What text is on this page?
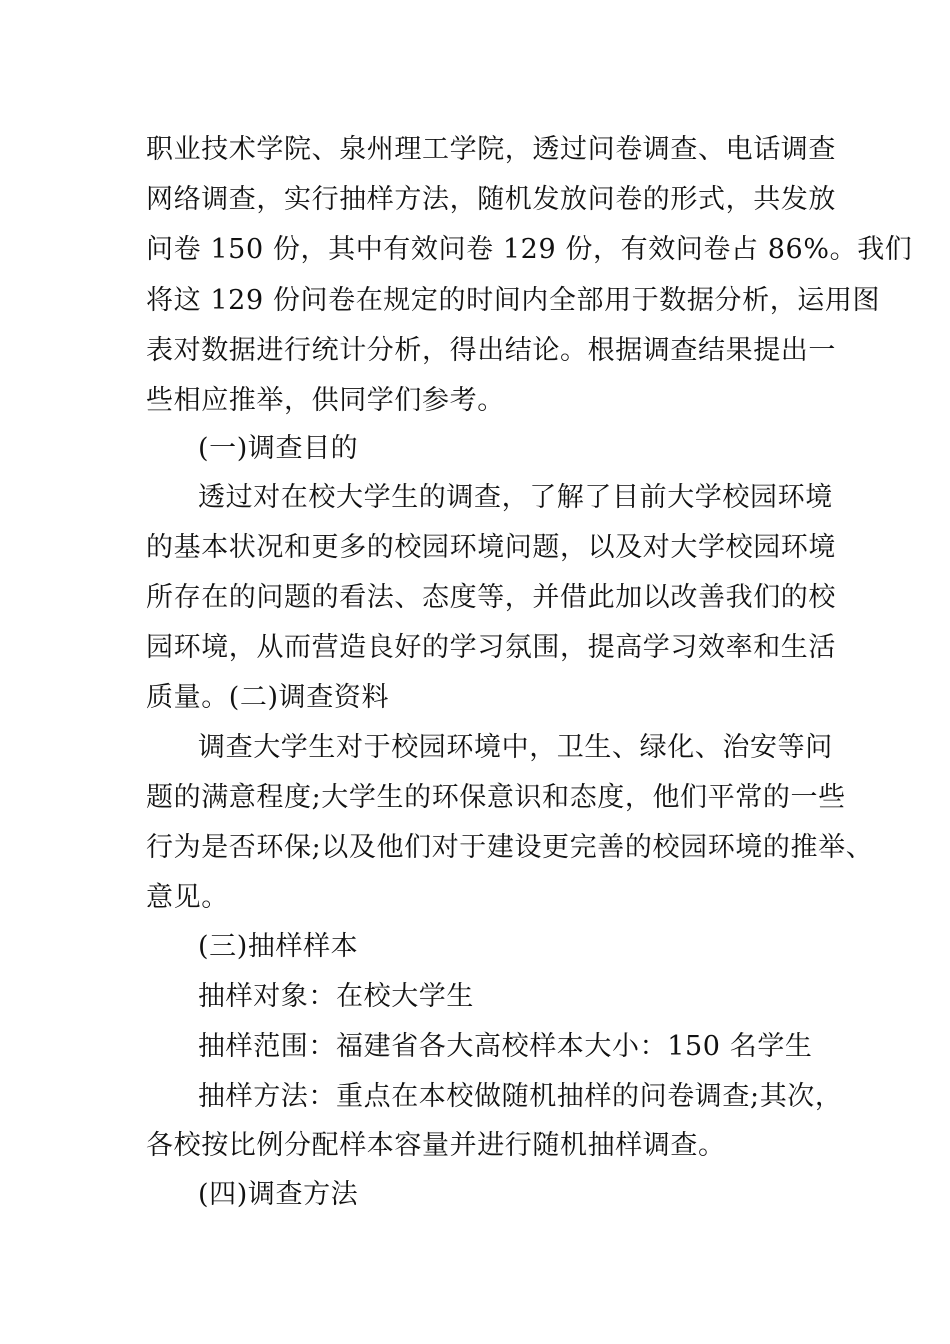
职业技术学院、泉州理工学院，透过问卷调查、电话调查
网络调查，实行抽样方法，随机发放问卷的形式，共发放
问卷 150 份，其中有效问卷 129 份，有效问卷占 86%。我们
将这 129 份问卷在规定的时间内全部用于数据分析，运用图
表对数据进行统计分析，得出结论。根据调查结果提出一
些相应推举，供同学们参考。
(一)调查目的
透过对在校大学生的调查，了解了目前大学校园环境
的基本状况和更多的校园环境问题，以及对大学校园环境
所存在的问题的看法、态度等，并借此加以改善我们的校
园环境，从而营造良好的学习氛围，提高学习效率和生活
质量。(二)调查资料
调查大学生对于校园环境中，卫生、绿化、治安等问
题的满意程度;大学生的环保意识和态度，他们平常的一些
行为是否环保;以及他们对于建设更完善的校园环境的推举、
意见。
(三)抽样样本
抽样对象：在校大学生
抽样范围：福建省各大高校样本大小：150 名学生
抽样方法：重点在本校做随机抽样的问卷调查;其次，
各校按比例分配样本容量并进行随机抽样调查。
(四)调查方法
